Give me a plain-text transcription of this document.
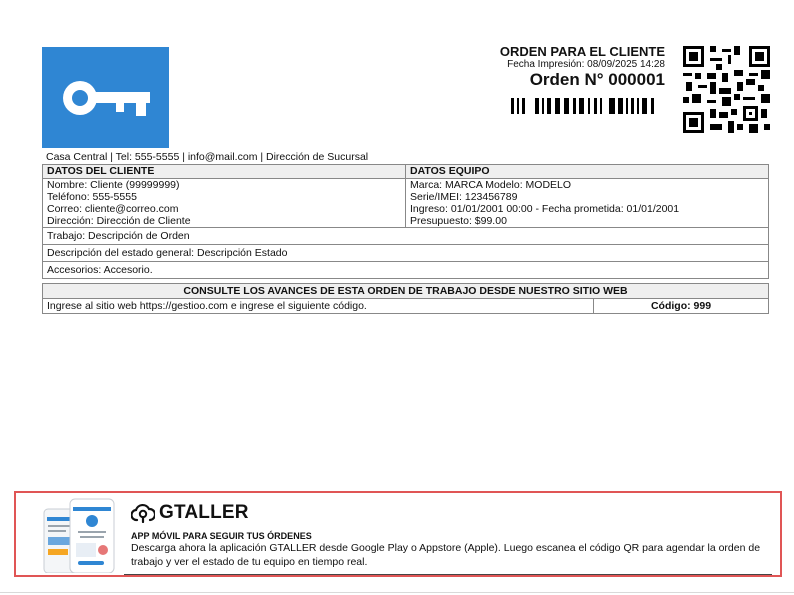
ORDEN PARA EL CLIENTE
Fecha Impresión: 08/09/2025 14:28
Orden N° 000001
Casa Central | Tel: 555-5555 | info@mail.com | Dirección de Sucursal
DATOS DEL CLIENTE
Nombre: Cliente (99999999)
Teléfono: 555-5555
Correo: cliente@correo.com
Dirección: Dirección de Cliente
DATOS EQUIPO
Marca: MARCA Modelo: MODELO
Serie/IMEI: 123456789
Ingreso: 01/01/2001 00:00 - Fecha prometida: 01/01/2001
Presupuesto: $99.00
Trabajo: Descripción de Orden
Descripción del estado general: Descripción Estado
Accesorios: Accesorio.
CONSULTE LOS AVANCES DE ESTA ORDEN DE TRABAJO DESDE NUESTRO SITIO WEB
Ingrese al sitio web https://gestioo.com e ingrese el siguiente código.	Código: 999
GTALLER
APP MÓVIL PARA SEGUIR TUS ÓRDENES
Descarga ahora la aplicación GTALLER desde Google Play o Appstore (Apple). Luego escanea el código QR para agendar la orden de trabajo y ver el estado de tu equipo en tiempo real.
